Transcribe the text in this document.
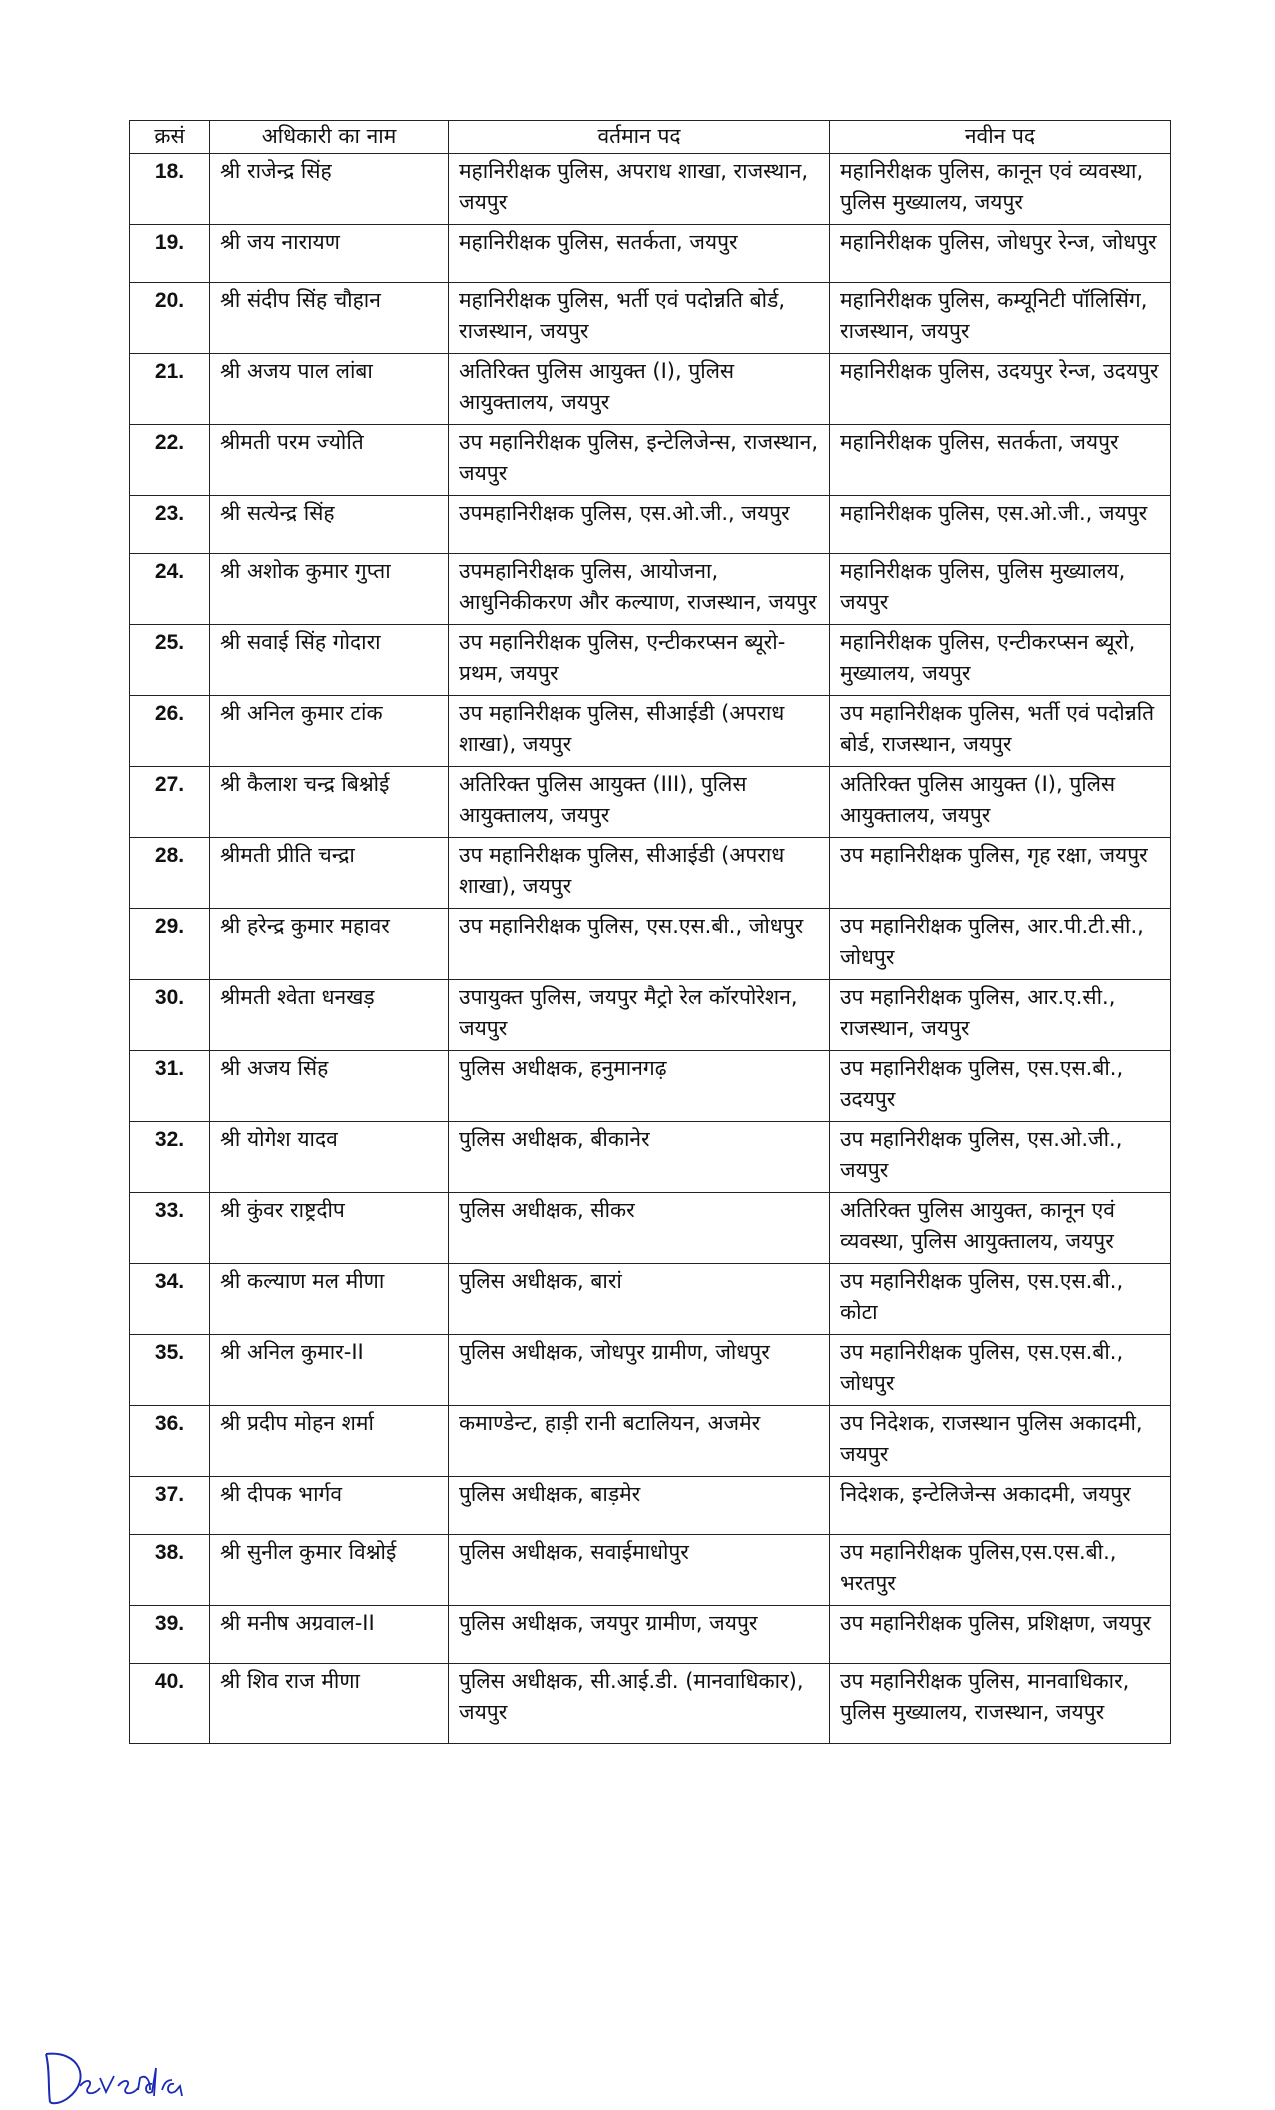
क्रसं	अधिकारी का नाम	वर्तमान पद	नवीन पद
18.	श्री राजेन्द्र सिंह	महानिरीक्षक पुलिस, अपराध शाखा, राजस्थान, जयपुर	महानिरीक्षक पुलिस, कानून एवं व्यवस्था, पुलिस मुख्यालय, जयपुर
19.	श्री जय नारायण	महानिरीक्षक पुलिस, सतर्कता, जयपुर	महानिरीक्षक पुलिस, जोधपुर रेन्ज, जोधपुर
20.	श्री संदीप सिंह चौहान	महानिरीक्षक पुलिस, भर्ती एवं पदोन्नति बोर्ड, राजस्थान, जयपुर	महानिरीक्षक पुलिस, कम्यूनिटी पॉलिसिंग, राजस्थान, जयपुर
21.	श्री अजय पाल लांबा	अतिरिक्त पुलिस आयुक्त (I), पुलिस आयुक्तालय, जयपुर	महानिरीक्षक पुलिस, उदयपुर रेन्ज, उदयपुर
22.	श्रीमती परम ज्योति	उप महानिरीक्षक पुलिस, इन्टेलिजेन्स, राजस्थान, जयपुर	महानिरीक्षक पुलिस, सतर्कता, जयपुर
23.	श्री सत्येन्द्र सिंह	उपमहानिरीक्षक पुलिस, एस.ओ.जी., जयपुर	महानिरीक्षक पुलिस, एस.ओ.जी., जयपुर
24.	श्री अशोक कुमार गुप्ता	उपमहानिरीक्षक पुलिस, आयोजना, आधुनिकीकरण और कल्याण, राजस्थान, जयपुर	महानिरीक्षक पुलिस, पुलिस मुख्यालय, जयपुर
25.	श्री सवाई सिंह गोदारा	उप महानिरीक्षक पुलिस, एन्टीकरप्सन ब्यूरो-प्रथम, जयपुर	महानिरीक्षक पुलिस, एन्टीकरप्सन ब्यूरो, मुख्यालय, जयपुर
26.	श्री अनिल कुमार टांक	उप महानिरीक्षक पुलिस, सीआईडी (अपराध शाखा), जयपुर	उप महानिरीक्षक पुलिस, भर्ती एवं पदोन्नति बोर्ड, राजस्थान, जयपुर
27.	श्री कैलाश चन्द्र बिश्नोई	अतिरिक्त पुलिस आयुक्त (III), पुलिस आयुक्तालय, जयपुर	अतिरिक्त पुलिस आयुक्त (I), पुलिस आयुक्तालय, जयपुर
28.	श्रीमती प्रीति चन्द्रा	उप महानिरीक्षक पुलिस, सीआईडी (अपराध शाखा), जयपुर	उप महानिरीक्षक पुलिस, गृह रक्षा, जयपुर
29.	श्री हरेन्द्र कुमार महावर	उप महानिरीक्षक पुलिस, एस.एस.बी., जोधपुर	उप महानिरीक्षक पुलिस, आर.पी.टी.सी., जोधपुर
30.	श्रीमती श्वेता धनखड़	उपायुक्त पुलिस, जयपुर मैट्रो रेल कॉरपोरेशन, जयपुर	उप महानिरीक्षक पुलिस, आर.ए.सी., राजस्थान, जयपुर
31.	श्री अजय सिंह	पुलिस अधीक्षक, हनुमानगढ़	उप महानिरीक्षक पुलिस, एस.एस.बी., उदयपुर
32.	श्री योगेश यादव	पुलिस अधीक्षक, बीकानेर	उप महानिरीक्षक पुलिस, एस.ओ.जी., जयपुर
33.	श्री कुंवर राष्ट्रदीप	पुलिस अधीक्षक, सीकर	अतिरिक्त पुलिस आयुक्त, कानून एवं व्यवस्था, पुलिस आयुक्तालय, जयपुर
34.	श्री कल्याण मल मीणा	पुलिस अधीक्षक, बारां	उप महानिरीक्षक पुलिस, एस.एस.बी., कोटा
35.	श्री अनिल कुमार-II	पुलिस अधीक्षक, जोधपुर ग्रामीण, जोधपुर	उप महानिरीक्षक पुलिस, एस.एस.बी., जोधपुर
36.	श्री प्रदीप मोहन शर्मा	कमाण्डेन्ट, हाड़ी रानी बटालियन, अजमेर	उप निदेशक, राजस्थान पुलिस अकादमी, जयपुर
37.	श्री दीपक भार्गव	पुलिस अधीक्षक, बाड़मेर	निदेशक, इन्टेलिजेन्स अकादमी, जयपुर
38.	श्री सुनील कुमार विश्नोई	पुलिस अधीक्षक, सवाईमाधोपुर	उप महानिरीक्षक पुलिस,एस.एस.बी., भरतपुर
39.	श्री मनीष अग्रवाल-II	पुलिस अधीक्षक, जयपुर ग्रामीण, जयपुर	उप महानिरीक्षक पुलिस, प्रशिक्षण, जयपुर
40.	श्री शिव राज मीणा	पुलिस अधीक्षक, सी.आई.डी. (मानवाधिकार), जयपुर	उप महानिरीक्षक पुलिस, मानवाधिकार, पुलिस मुख्यालय, राजस्थान, जयपुर
